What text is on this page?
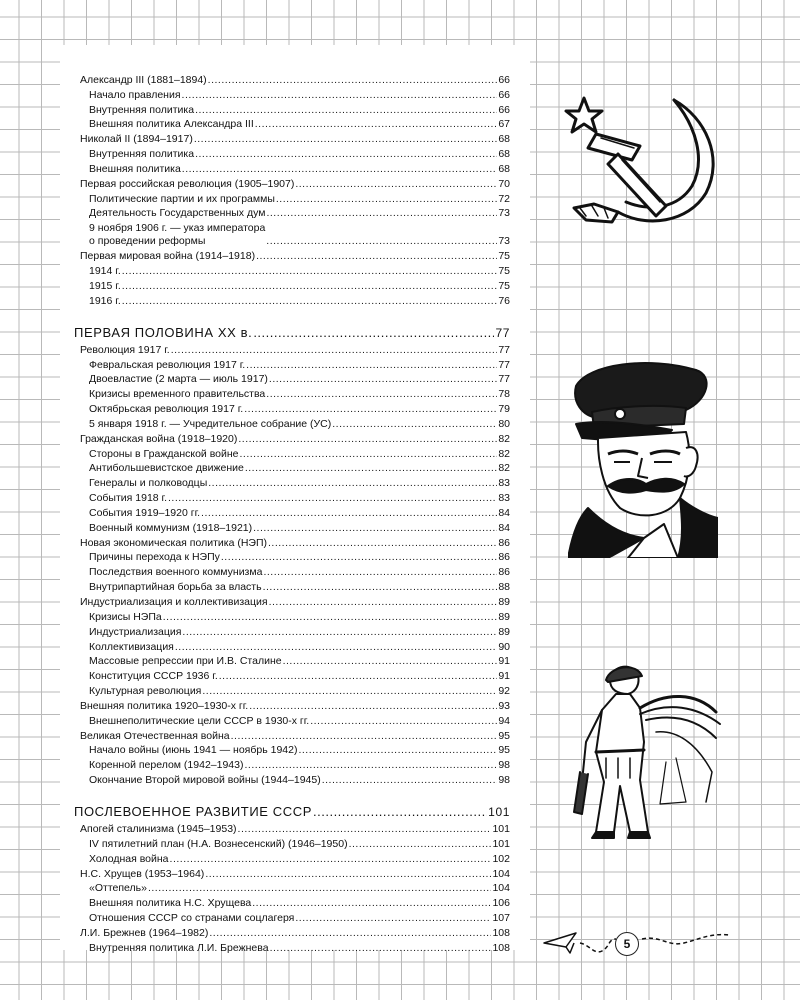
Александр III (1881–1894) .....	66
Начало правления .....	66
Внутренняя политика .....	66
Внешняя политика Александра III .....	67
Николай II (1894–1917) .....	68
Внутренняя политика .....	68
Внешняя политика .....	68
Первая российская революция (1905–1907) .....	70
Политические партии и их программы .....	72
Деятельность Государственных дум .....	73
9 ноября 1906 г. — указ императора
о проведении реформы .....	73
Первая мировая война (1914–1918) .....	75
1914 г. .....	75
1915 г. .....	75
1916 г. .....	76
ПЕРВАЯ ПОЛОВИНА XX в. .....	77
Революция 1917 г. .....	77
Февральская революция 1917 г. .....	77
Двоевластие (2 марта — июль 1917) .....	77
Кризисы временного правительства .....	78
Октябрьская революция 1917 г. .....	79
5 января 1918 г. — Учредительное собрание (УС) .....	80
Гражданская война (1918–1920) .....	82
Стороны в Гражданской войне .....	82
Антибольшевистское движение .....	82
Генералы и полководцы .....	83
События 1918 г. .....	83
События 1919–1920 гг. .....	84
Военный коммунизм (1918–1921) .....	84
Новая экономическая политика (НЭП) .....	86
Причины перехода к НЭПу .....	86
Последствия военного коммунизма .....	86
Внутрипартийная борьба за власть .....	88
Индустриализация и коллективизация .....	89
Кризисы НЭПа .....	89
Индустриализация .....	89
Коллективизация .....	90
Массовые репрессии при И.В. Сталине .....	91
Конституция СССР 1936 г. .....	91
Культурная революция .....	92
Внешняя политика 1920–1930-х гг. .....	93
Внешнеполитические цели СССР в 1930-х гг. .....	94
Великая Отечественная война .....	95
Начало войны (июнь 1941 — ноябрь 1942) .....	95
Коренной перелом (1942–1943) .....	98
Окончание Второй мировой войны (1944–1945) .....	98
ПОСЛЕВОЕННОЕ РАЗВИТИЕ СССР .....	101
Апогей сталинизма (1945–1953) .....	101
IV пятилетний план (Н.А. Вознесенский) (1946–1950) .....	101
Холодная война .....	102
Н.С. Хрущев (1953–1964) .....	104
«Оттепель» .....	104
Внешняя политика Н.С. Хрущева .....	106
Отношения СССР со странами соцлагеря .....	107
Л.И. Брежнев (1964–1982) .....	108
Внутренняя политика Л.И. Брежнева .....	108	5
